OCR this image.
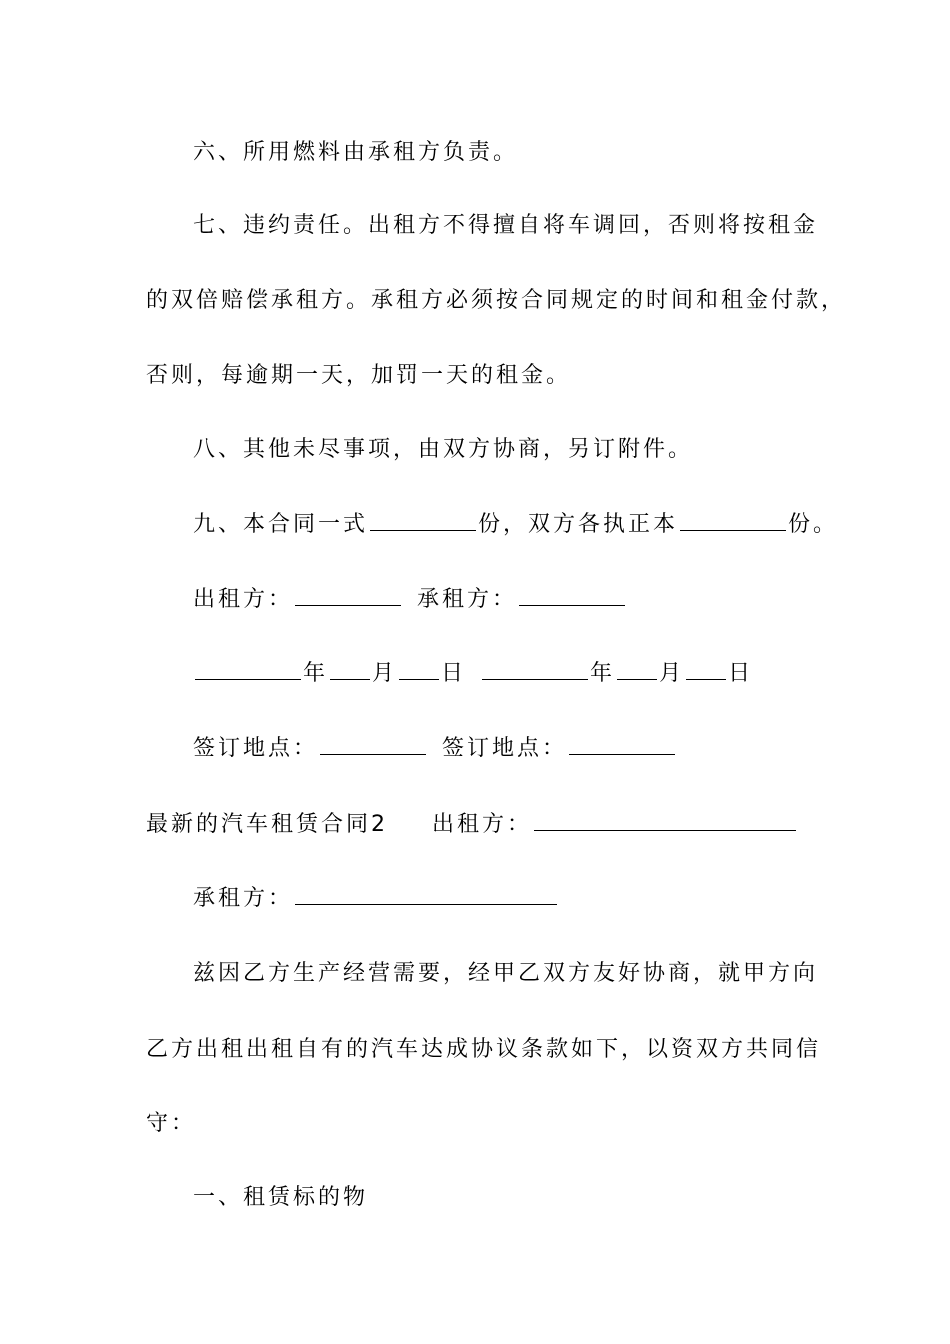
六、所用燃料由承租方负责。
七、违约责任。出租方不得擅自将车调回，否则将按租金
的双倍赔偿承租方。承租方必须按合同规定的时间和租金付款，
否则，每逾期一天，加罚一天的租金。
八、其他未尽事项，由双方协商，另订附件。
九、本合同一式	份，双方各执正本	份。
出租方：	承租方：
年 月 日	年 月 日
签订地点：	签订地点：
最新的汽车租赁合同2 出租方：
承租方：
兹因乙方生产经营需要，经甲乙双方友好协商，就甲方向
乙方出租出租自有的汽车达成协议条款如下，以资双方共同信
守：
一、租赁标的物
